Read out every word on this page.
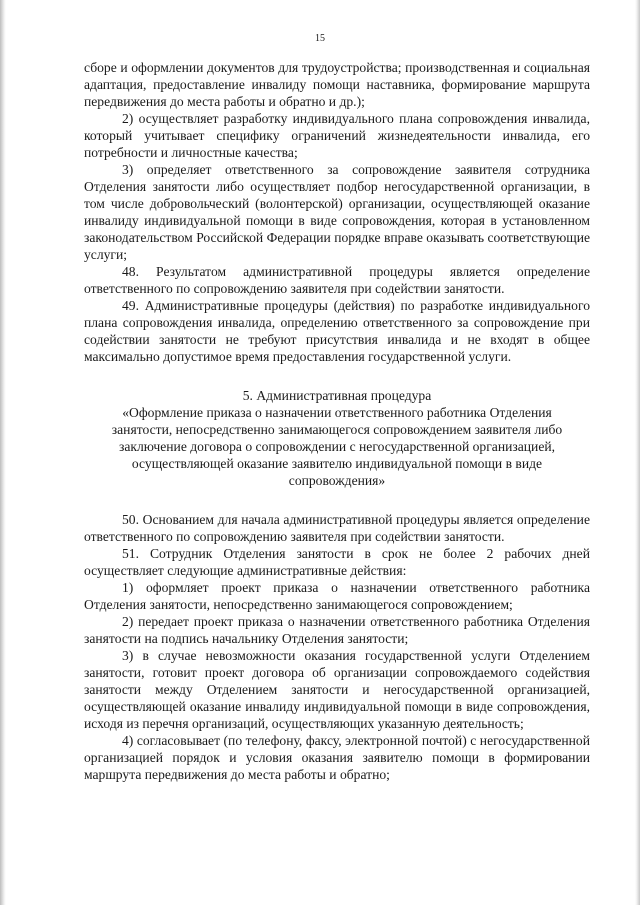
15

сборе и оформлении документов для трудоустройства; производственная и социальная адаптация, предоставление инвалиду помощи наставника, формирование маршрута передвижения до места работы и обратно и др.);

2) осуществляет разработку индивидуального плана сопровождения инвалида, который учитывает специфику ограничений жизнедеятельности инвалида, его потребности и личностные качества;

3) определяет ответственного за сопровождение заявителя сотрудника Отделения занятости либо осуществляет подбор негосударственной организации, в том числе добровольческий (волонтерской) организации, осуществляющей оказание инвалиду индивидуальной помощи в виде сопровождения, которая в установленном законодательством Российской Федерации порядке вправе оказывать соответствующие услуги;

48. Результатом административной процедуры является определение ответственного по сопровождению заявителя при содействии занятости.

49. Административные процедуры (действия) по разработке индивидуального плана сопровождения инвалида, определению ответственного за сопровождение при содействии занятости не требуют присутствия инвалида и не входят в общее максимально допустимое время предоставления государственной услуги.

5. Административная процедура
«Оформление приказа о назначении ответственного работника Отделения
занятости, непосредственно занимающегося сопровождением заявителя либо
заключение договора о сопровождении с негосударственной организацией,
осуществляющей оказание заявителю индивидуальной помощи в виде
сопровождения»

50. Основанием для начала административной процедуры является определение ответственного по сопровождению заявителя при содействии занятости.

51. Сотрудник Отделения занятости в срок не более 2 рабочих дней осуществляет следующие административные действия:

1) оформляет проект приказа о назначении ответственного работника Отделения занятости, непосредственно занимающегося сопровождением;

2) передает проект приказа о назначении ответственного работника Отделения занятости на подпись начальнику Отделения занятости;

3) в случае невозможности оказания государственной услуги Отделением занятости, готовит проект договора об организации сопровождаемого содействия занятости между Отделением занятости и негосударственной организацией, осуществляющей оказание инвалиду индивидуальной помощи в виде сопровождения, исходя из перечня организаций, осуществляющих указанную деятельность;

4) согласовывает (по телефону, факсу, электронной почтой) с негосударственной организацией порядок и условия оказания заявителю помощи в формировании маршрута передвижения до места работы и обратно;
